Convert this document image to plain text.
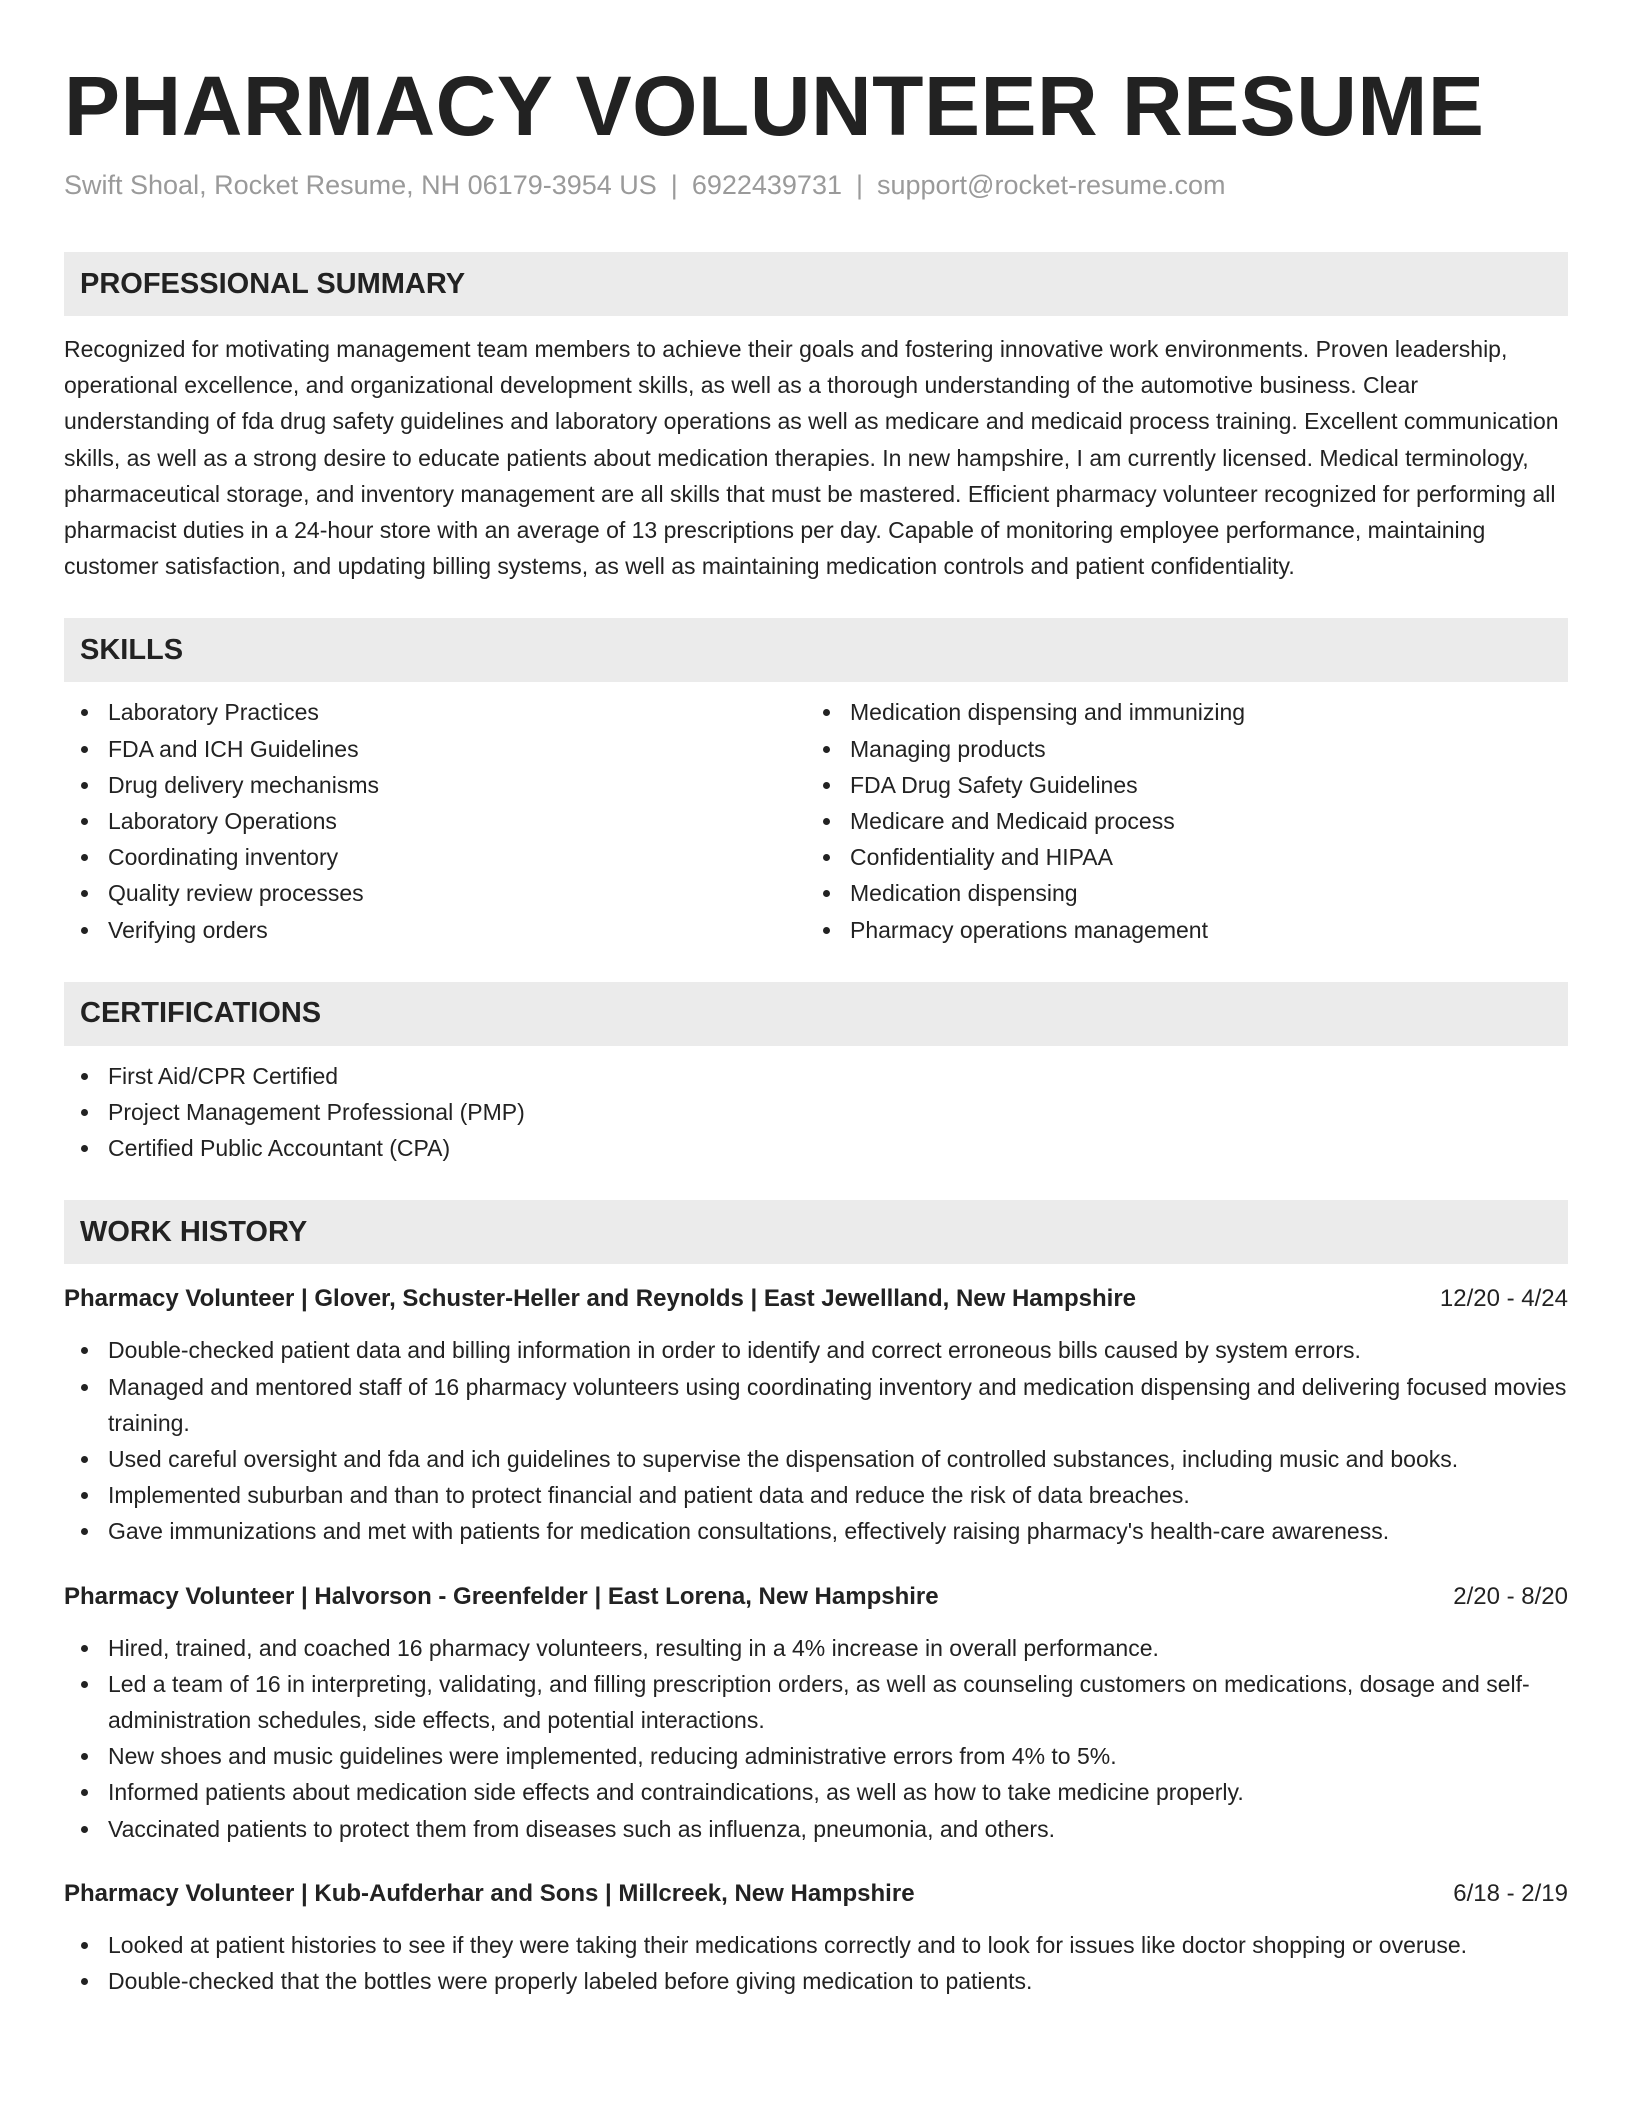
PHARMACY VOLUNTEER RESUME
Swift Shoal, Rocket Resume, NH 06179-3954 US | 6922439731 | support@rocket-resume.com
PROFESSIONAL SUMMARY
Recognized for motivating management team members to achieve their goals and fostering innovative work environments. Proven leadership, operational excellence, and organizational development skills, as well as a thorough understanding of the automotive business. Clear understanding of fda drug safety guidelines and laboratory operations as well as medicare and medicaid process training. Excellent communication skills, as well as a strong desire to educate patients about medication therapies. In new hampshire, I am currently licensed. Medical terminology, pharmaceutical storage, and inventory management are all skills that must be mastered. Efficient pharmacy volunteer recognized for performing all pharmacist duties in a 24-hour store with an average of 13 prescriptions per day. Capable of monitoring employee performance, maintaining customer satisfaction, and updating billing systems, as well as maintaining medication controls and patient confidentiality.
SKILLS
Laboratory Practices
FDA and ICH Guidelines
Drug delivery mechanisms
Laboratory Operations
Coordinating inventory
Quality review processes
Verifying orders
Medication dispensing and immunizing
Managing products
FDA Drug Safety Guidelines
Medicare and Medicaid process
Confidentiality and HIPAA
Medication dispensing
Pharmacy operations management
CERTIFICATIONS
First Aid/CPR Certified
Project Management Professional (PMP)
Certified Public Accountant (CPA)
WORK HISTORY
Pharmacy Volunteer | Glover, Schuster-Heller and Reynolds | East Jewellland, New Hampshire	12/20 - 4/24
Double-checked patient data and billing information in order to identify and correct erroneous bills caused by system errors.
Managed and mentored staff of 16 pharmacy volunteers using coordinating inventory and medication dispensing and delivering focused movies training.
Used careful oversight and fda and ich guidelines to supervise the dispensation of controlled substances, including music and books.
Implemented suburban and than to protect financial and patient data and reduce the risk of data breaches.
Gave immunizations and met with patients for medication consultations, effectively raising pharmacy's health-care awareness.
Pharmacy Volunteer | Halvorson - Greenfelder | East Lorena, New Hampshire	2/20 - 8/20
Hired, trained, and coached 16 pharmacy volunteers, resulting in a 4% increase in overall performance.
Led a team of 16 in interpreting, validating, and filling prescription orders, as well as counseling customers on medications, dosage and self-administration schedules, side effects, and potential interactions.
New shoes and music guidelines were implemented, reducing administrative errors from 4% to 5%.
Informed patients about medication side effects and contraindications, as well as how to take medicine properly.
Vaccinated patients to protect them from diseases such as influenza, pneumonia, and others.
Pharmacy Volunteer | Kub-Aufderhar and Sons | Millcreek, New Hampshire	6/18 - 2/19
Looked at patient histories to see if they were taking their medications correctly and to look for issues like doctor shopping or overuse.
Double-checked that the bottles were properly labeled before giving medication to patients.
